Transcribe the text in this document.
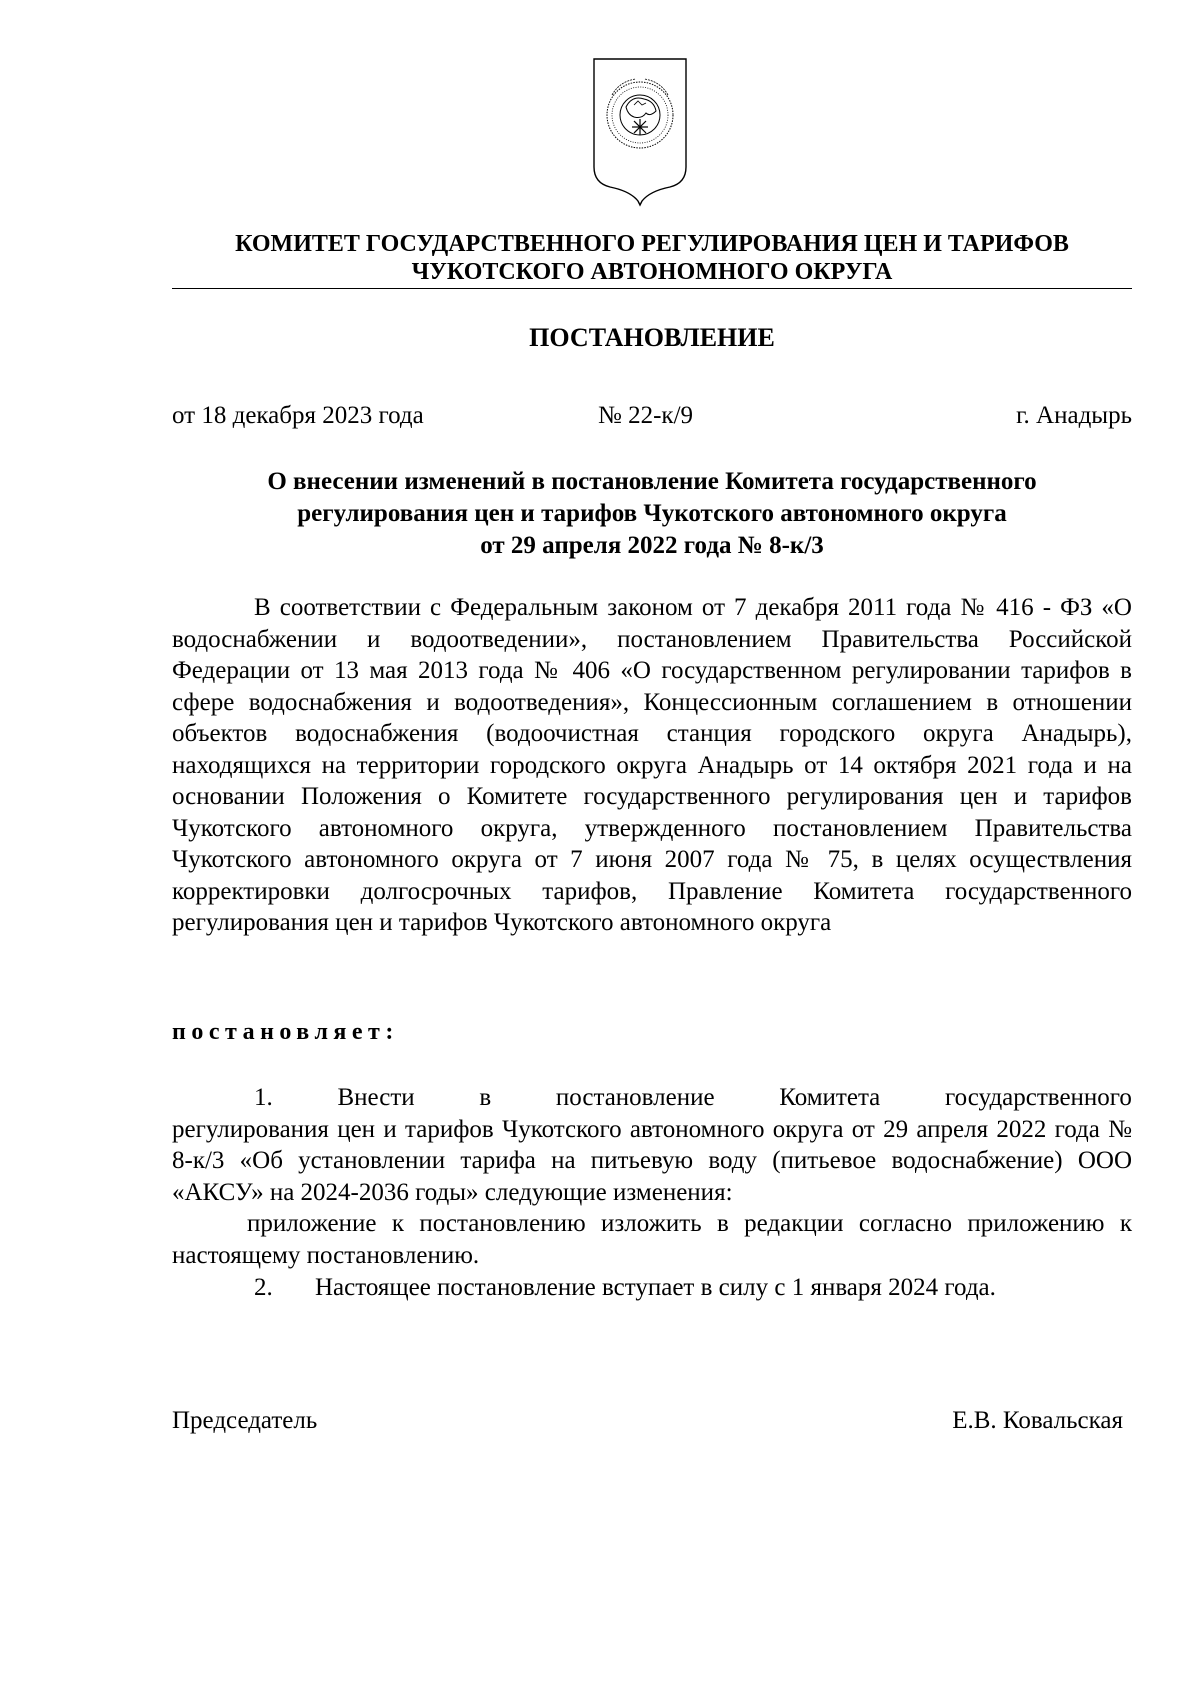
КОМИТЕТ ГОСУДАРСТВЕННОГО РЕГУЛИРОВАНИЯ ЦЕН И ТАРИФОВ
ЧУКОТСКОГО АВТОНОМНОГО ОКРУГА
ПОСТАНОВЛЕНИЕ
от 18 декабря 2023 года	№ 22-к/9	г. Анадырь
О внесении изменений в постановление Комитета государственного
регулирования цен и тарифов Чукотского автономного округа
от 29 апреля 2022 года № 8-к/3
В соответствии с Федеральным законом от 7 декабря 2011 года № 416 - ФЗ «О водоснабжении и водоотведении», постановлением Правительства Российской Федерации от 13 мая 2013 года № 406 «О государственном регулировании тарифов в сфере водоснабжения и водоотведения», Концессионным соглашением в отношении объектов водоснабжения (водоочистная станция городского округа Анадырь), находящихся на территории городского округа Анадырь от 14 октября 2021 года и на основании Положения о Комитете государственного регулирования цен и тарифов Чукотского автономного округа, утвержденного постановлением Правительства Чукотского автономного округа от 7 июня 2007 года № 75, в целях осуществления корректировки долгосрочных тарифов, Правление Комитета государственного регулирования цен и тарифов Чукотского автономного округа
постановляет:
1.	Внести	в	постановление	Комитета	государственного
регулирования цен и тарифов Чукотского автономного округа от 29 апреля 2022 года № 8-к/3 «Об установлении тарифа на питьевую воду (питьевое водоснабжение) ООО «АКСУ» на 2024-2036 годы» следующие изменения:
приложение к постановлению изложить в редакции согласно приложению к настоящему постановлению.
2. Настоящее постановление вступает в силу с 1 января 2024 года.
Председатель	Е.В. Ковальская
